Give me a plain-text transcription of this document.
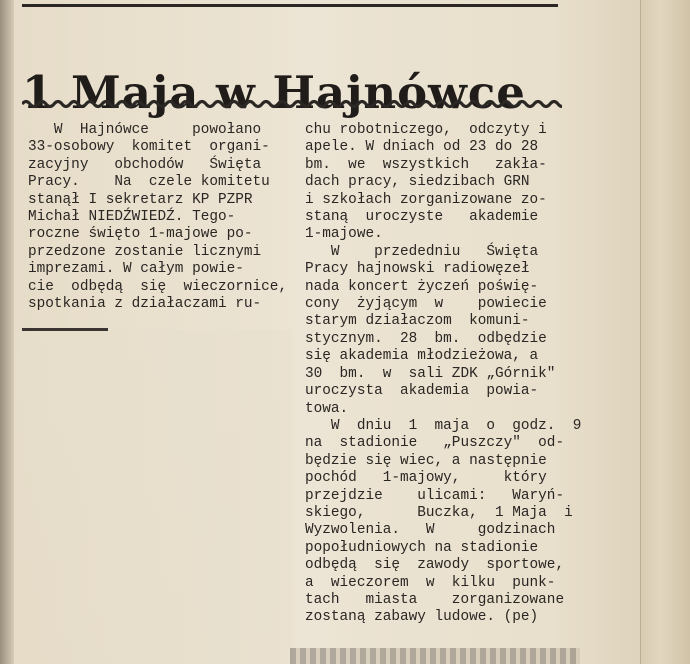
1 Maja w Hajnówce

W  Hajnówce     powołano
33-osobowy  komitet  organi-
zacyjny   obchodów   Święta
Pracy.    Na  czele komitetu
stanął I sekretarz KP PZPR
Michał NIEDŹWIEDŹ. Tego-
roczne święto 1-majowe po-
przedzone zostanie licznymi
imprezami. W całym powie-
cie  odbędą  się  wieczornice,
spotkania z działaczami ru-

chu robotniczego,  odczyty i
apele. W dniach od 23 do 28
bm.  we  wszystkich   zakła-
dach pracy, siedzibach GRN
i szkołach zorganizowane zo-
staną  uroczyste   akademie
1-majowe.
W    przededniu   Święta
Pracy hajnowski radiowęzeł
nada koncert życzeń poświę-
cony  żyjącym  w    powiecie
starym działaczom  komuni-
stycznym.  28  bm.  odbędzie
się akademia młodzieżowa, a
30  bm.  w  sali ZDK „Górnik"
uroczysta  akademia  powia-
towa.
W  dniu  1  maja  o  godz.  9
na  stadionie   „Puszczy"  od-
będzie się wiec, a następnie
pochód   1-majowy,     który
przejdzie    ulicami:   Waryń-
skiego,      Buczka,  1 Maja  i
Wyzwolenia.   W     godzinach
popołudniowych na stadionie
odbędą  się  zawody  sportowe,
a  wieczorem  w  kilku  punk-
tach   miasta    zorganizowane
zostaną zabawy ludowe. (pe)
